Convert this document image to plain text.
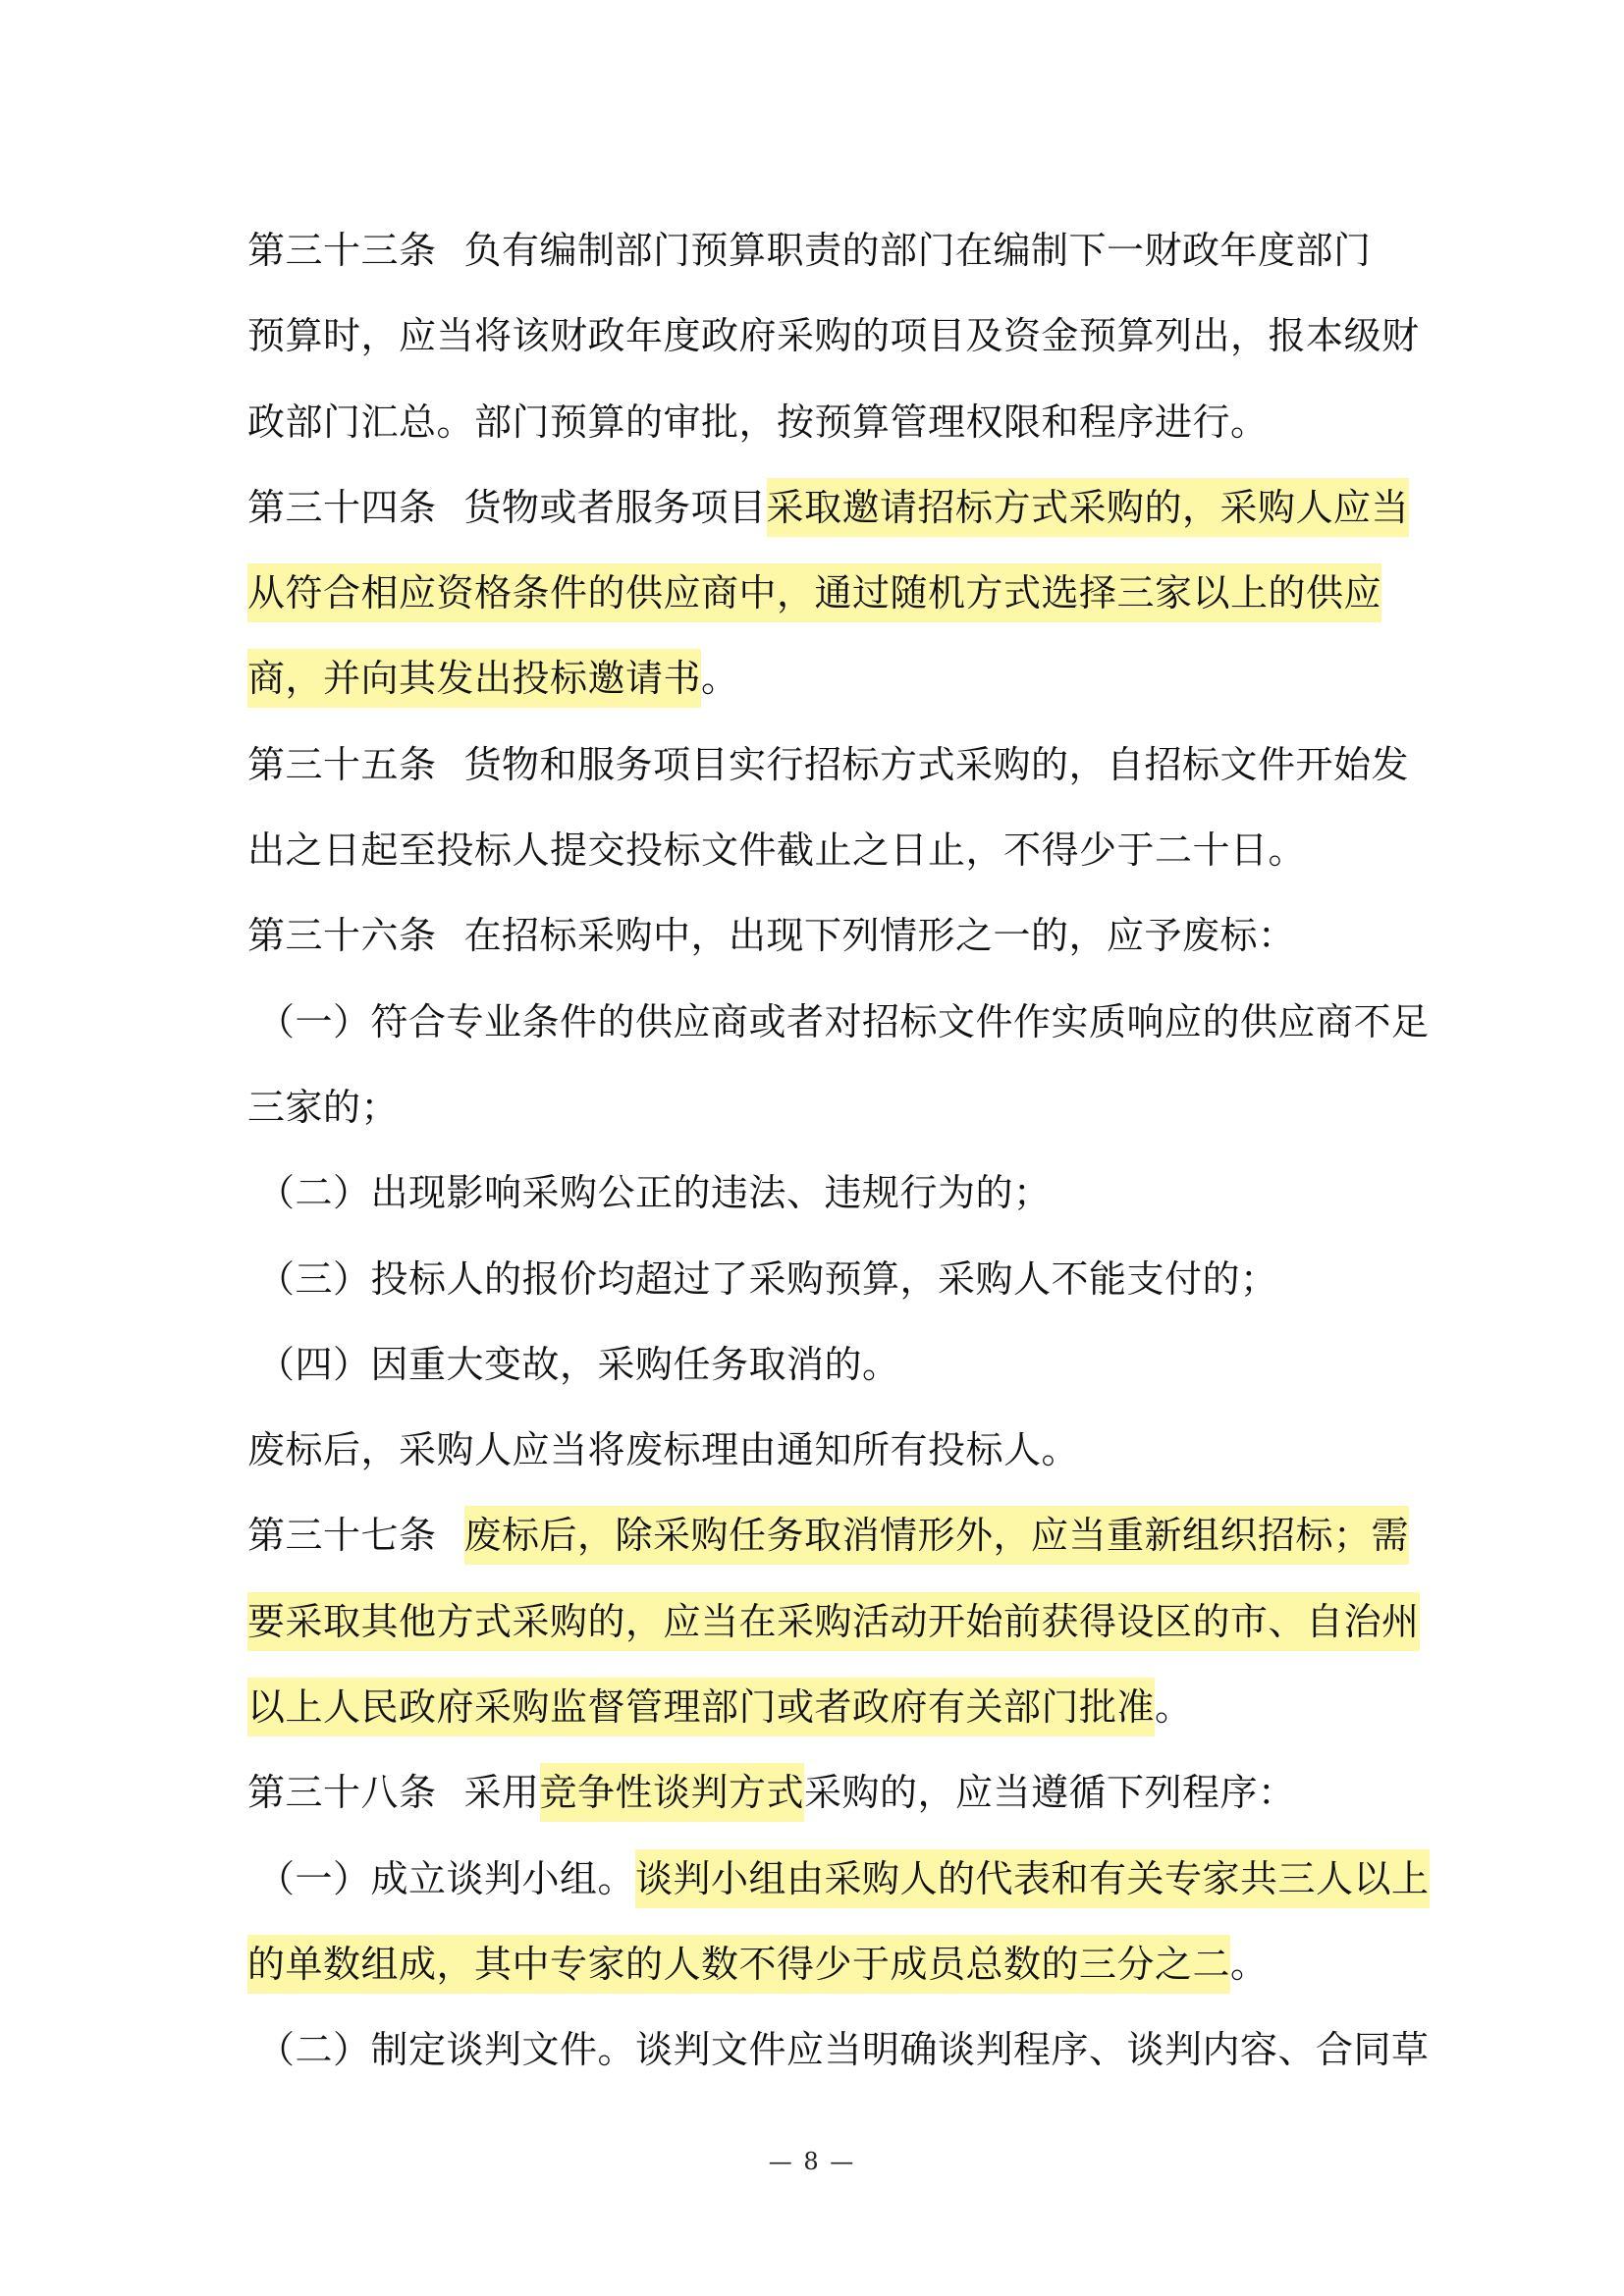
第三十三条 负有编制部门预算职责的部门在编制下一财政年度部门
预算时，应当将该财政年度政府采购的项目及资金预算列出，报本级财
政部门汇总。部门预算的审批，按预算管理权限和程序进行。
第三十四条 货物或者服务项目采取邀请招标方式采购的，采购人应当
从符合相应资格条件的供应商中，通过随机方式选择三家以上的供应
商，并向其发出投标邀请书。
第三十五条 货物和服务项目实行招标方式采购的，自招标文件开始发
出之日起至投标人提交投标文件截止之日止，不得少于二十日。
第三十六条 在招标采购中，出现下列情形之一的，应予废标：
（一）符合专业条件的供应商或者对招标文件作实质响应的供应商不足
三家的；
（二）出现影响采购公正的违法、违规行为的；
（三）投标人的报价均超过了采购预算，采购人不能支付的；
（四）因重大变故，采购任务取消的。
废标后，采购人应当将废标理由通知所有投标人。
第三十七条 废标后，除采购任务取消情形外，应当重新组织招标；需
要采取其他方式采购的，应当在采购活动开始前获得设区的市、自治州
以上人民政府采购监督管理部门或者政府有关部门批准。
第三十八条 采用竞争性谈判方式采购的，应当遵循下列程序：
（一）成立谈判小组。谈判小组由采购人的代表和有关专家共三人以上
的单数组成，其中专家的人数不得少于成员总数的三分之二。
（二）制定谈判文件。谈判文件应当明确谈判程序、谈判内容、合同草
— 8 —
